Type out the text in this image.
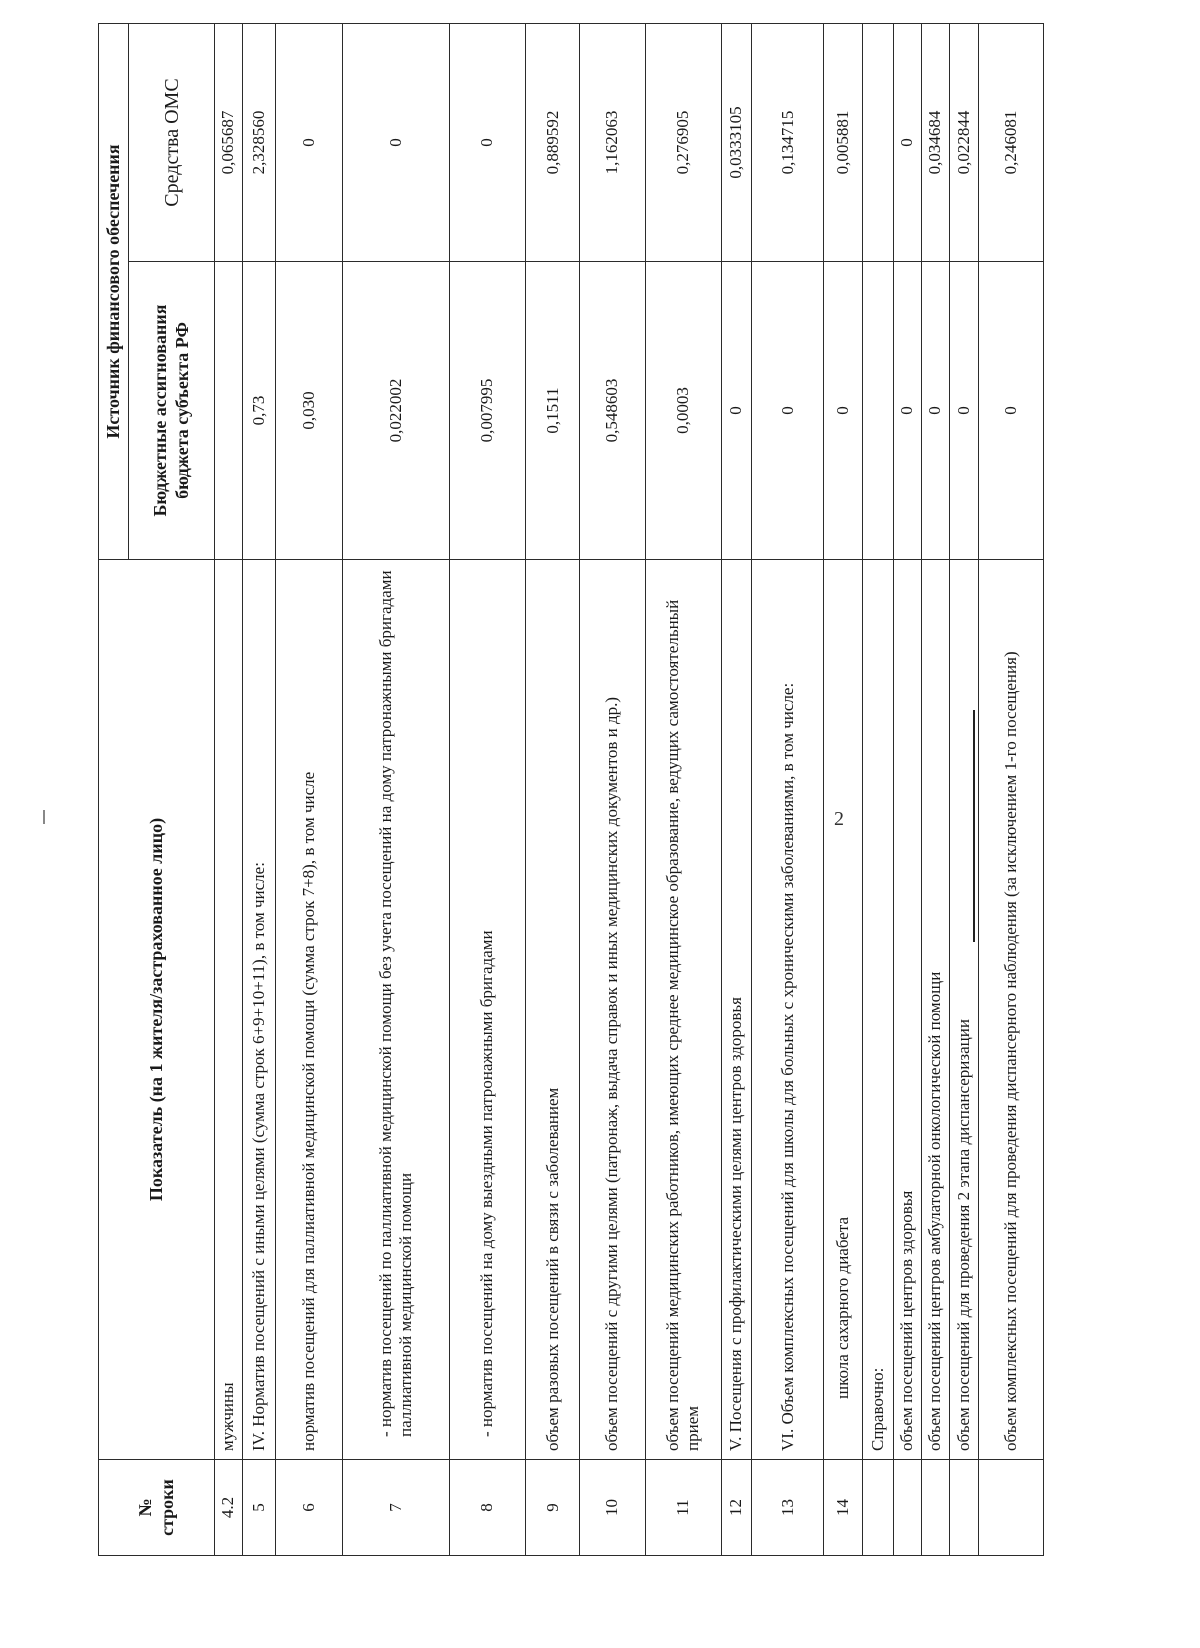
2
№ строки	Показатель (на 1 жителя/застрахованное лицо)	Источник финансового обеспечения	
		Бюджетные ассигнования бюджета субъекта РФ	Средства ОМС
4.2	мужчины		0,065687
5	IV. Норматив посещений с иными целями (сумма строк 6+9+10+11), в том числе:	0,73	2,328560
6	норматив посещений для паллиативной медицинской помощи (сумма строк 7+8), в том числе	0,030	0
7	- норматив посещений по паллиативной медицинской помощи без учета посещений на дому патронажными бригадами паллиативной медицинской помощи	0,022002	0
8	- норматив посещений на дому выездными патронажными бригадами	0,007995	0
9	объем разовых посещений в связи с заболеванием	0,1511	0,889592
10	объем посещений с другими целями (патронаж, выдача справок и иных медицинских документов и др.)	0,548603	1,162063
11	объем посещений медицинских работников, имеющих среднее медицинское образование, ведущих самостоятельный прием	0,0003	0,276905
12	V. Посещения с профилактическими целями центров здоровья	0	0,0333105
13	VI. Объем комплексных посещений для школы для больных с хроническими заболеваниями, в том числе:	0	0,134715
14	школа сахарного диабета	0	0,005881
	Справочно:		
	объем посещений центров здоровья	0	0
	объем посещений центров амбулаторной онкологической помощи	0	0,034684
	объем посещений для проведения 2 этапа диспансеризации	0	0,022844
	объем комплексных посещений для проведения диспансерного наблюдения (за исключением 1-го посещения)	0	0,246081
